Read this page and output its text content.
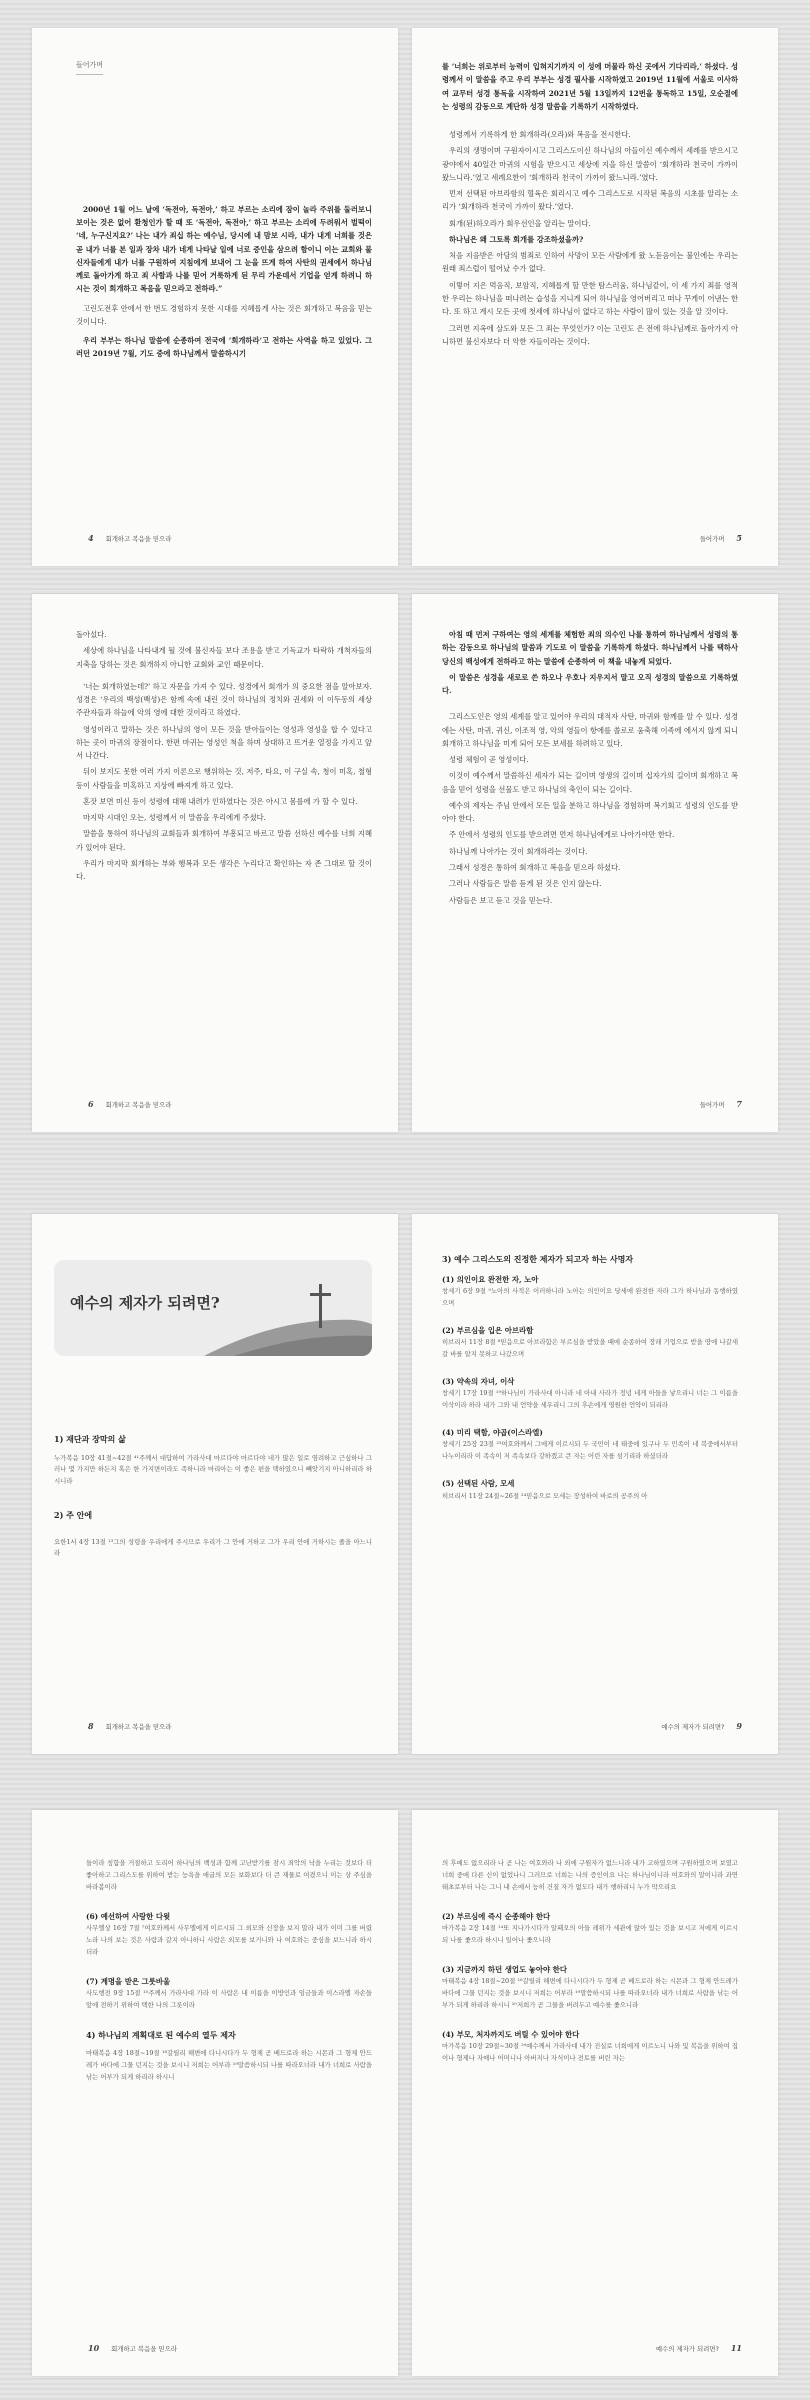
들어가며

2000년 1월 어느 날에 ‘독전아, 독전아,’ 하고 부르는 소리에 잠이 놀라 주위를 둘러보니 보이는 것은 없어 환청인가 할 때 또 ‘독전아, 독전아,’ 하고 부르는 소리에 두려워서 벌떡이 ‘네, 누구신지요?’ 나는 내가 죄십 하는 예수님, 당시에 내 맘보 시라, 내가 내게 너희를 것은 곧 내가 너를 본 일과 장차 내가 네게 나타날 일에 너로 증인을 삼으려 함이니 이는 교회와 불신자들에게 내가 너를 구원하여 지침에게 보내어 그 눈을 뜨게 하여 사탄의 권세에서 하나님께로 돌아가게 하고 죄 사함과 나를 믿어 거룩하게 된 무리 가운데서 기업을 얻게 하려니 하시는 것이 회개하고 복음을 믿으라고 전하라.”

고린도전후 안에서 한 번도 경험하지 못한 시대를 지혜롭게 사는 것은 회개하고 복음을 믿는 것이니다.

우리 부부는 하나님 말씀에 순종하여 전국에 ‘회개하라’고 전하는 사역을 하고 있었다. 그러던 2019년 7월, 기도 중에 하나님께서 말씀하시기

4 회개하고 복음을 믿으라

를 ‘너희는 위로부터 능력이 입혀지기까지 이 성에 머물라 하신 곳에서 기다리라,’ 하셨다. 성령께서 이 말씀을 주고 우리 부부는 성경 필사를 시작하였고 2019년 11월에 서울로 이사하여 교무터 성경 통독을 시작하여 2021년 5월 13일까지 12번을 통독하고 15일, 오순절에는 성령의 감동으로 계단하 성경 말씀을 기록하기 시작하였다.

성령께서 기록하게 한 회개하라(오라)와 복음을 전시한다.

우리의 생명이며 구원자이시고 그리스도이신 하나님의 아들이신 예수께서 세례를 받으시고 광야에서 40일간 마귀의 시험을 받으시고 세상에 지을 하신 말씀이 ‘회개하라 천국이 가까이 왔느니라.’였고 세례요한이 ‘회개하라 천국이 가까이 왔느니라.’였다.

먼저 선택된 아브라함의 혈육은 회리시고 예수 그리스도로 시작된 복음의 시초를 알리는 소리가 ‘회개하라 천국이 가까이 왔다.’였다.

회개(된)하오라가 회우선인을 알리는 말이다.

하나님은 왜 그토록 회개를 강조하셨을까?

처음 지음받은 아담의 범죄로 인하여 사망이 모든 사람에게 왔 노돋음이는 불인에는 우리는 원래 죄스럽이 떨어났 수가 없다.

이렇어 지은 먹음직, 보암직, 지혜롭게 할 만한 탐스러움, 하나님같이, 이 세 가지 죄를 영적한 우리는 하나님을 떠나려는 습성을 지니게 되어 하나님을 영어버리고 떠나 꾸게이 어낸는 한다. 또 하고 계시 모든 곳에 첫세에 하나님이 없다고 하는 사람이 많이 있는 것을 알 것이다.

그러면 지옥에 살도와 모든 그 죄는 무엇인가? 이는 고린도 은 전에 하나님께로 돌아가지 아니하면 불신자보다 더 악한 자들이라는 것이다.

들어가며 5

돌아섰다.

세상에 하나님을 나타내게 될 것에 불신자들 보다 조용을 받고 기독교가 타락하 개척자들의 지축을 당하는 것은 회개하지 아니한 교회와 교인 때문이다.

‘너는 회개하였는데?’ 하고 자문을 가져 수 있다. 성경에서 회개가 의 중요한 점을 알아보자. 성경은 ‘우리의 백성(백성)은 함께 속에 내린 것이 하나님의 정치와 권세와 이 이두동의 세상 주관자들과 하늘에 악의 영에 대한 것이라고 하였다.

영성이라고 말하는 것은 하나님의 영이 모든 것을 받아들이는 영성과 영성을 합 수 있다고 하는 곳이 마귀의 장점이다. 한편 마귀는 영성인 척을 하며 상대하고 뜨거운 열정을 가지고 앞서 나간다.

뒤이 보지도 못한 여러 가지 이론으로 행위하는 것, 저주, 타요, 이 구실 속, 청이 미혹, 철형 등이 사람들을 미혹하고 지상에 빠져게 하고 있다.

혼잣 보면 미신 등이 성령에 대해 내려가 인하였다는 것은 아시고 몸를에 가 할 수 있다.

마지막 시대인 오는, 성령께서 이 말씀을 우리에게 주셨다.

말씀을 통하여 하나님의 교회들과 회개하여 부흥되고 바르고 말씀 선하신 예수를 너희 지혜가 있어야 된다.

우리가 마지막 회개하는 부와 행복과 모든 생각은 누리다고 확인하는 자 존 그대로 할 것이다.

6 회개하고 복음을 믿으라

아침 때 먼저 구하여는 영의 세계를 체험한 죄의 의수인 나를 통하여 하나님께서 성령의 통하는 감동으로 하나님의 말씀과 기도로 이 말씀을 기록하게 하셨다. 하나님께서 나를 택하사 당신의 백성에게 전하라고 하는 말씀에 순종하여 이 책을 내놓게 되었다.

이 말씀은 성경을 새로로 쓴 하오나 우호나 지우지서 말고 오직 성경의 말씀으로 기록하였다.

그리스도인은 영의 세계를 알고 있어야 우리의 대적자 사탄, 마귀와 함께를 알 수 있다. 성경에는 사탄, 마귀, 귀신, 이조적 영, 악의 영들이 항에를 쏠로로 움축해 이족에 에서지 않게 되니 회개하고 하나님을 미게 되어 모든 보세를 하려하고 있다.

성령 체험이 곧 영성이다.

이것이 예수께서 말씀하신 세자가 되는 길이며 영생의 길이며 십자가의 길이며 회개하고 복음을 믿어 성령을 선물도 받고 하나님의 축인이 되는 길이다.

예수의 제자는 주님 안에서 모든 일을 분하고 하나님을 경험하며 복기회고 성령의 인도를 받아야 한다.

주 안에서 성령의 인도를 받으려면 먼저 하나님에게로 나아가야만 한다.

하나님께 나아가는 것이 회개하라는 것이다.

그래서 성경은 통하여 회개하고 복음을 믿으라 하셨다.

그러나 사람들은 말씀 듣게 된 것은 인지 않는다.

사람들은 보고 듣고 것을 믿는다.

들어가며 7
예수의 제자가 되려면?
1) 재단과 장막의 삶
누가복음 10장 41절~42절 ⁴¹주께서 대답하여 가라사대 마르다야 마르다야 네가 많은 일로 염려하고 근심하나 그러나 몇 가지만 하든지 혹은 한 가지면이라도 족하니라 마리아는 이 좋은 편을 택하였으니 빼앗기지 아니하리라 하시니라
2) 주 안에
요한1서 4장 13절 ¹³그의 성령을 우리에게 주시므로 우리가 그 안에 거하고 그가 우리 안에 거하시는 줄을 아느니라
8 회개하고 복음을 믿으라
3) 예수 그리스도의 진정한 제자가 되고자 하는 사명자
(1) 의인이요 완전한 자, 노아
창세기 6장 9절 ⁹노아의 사적은 이러하니라 노아는 의인이요 당세에 완전한 자라 그가 하나님과 동행하였으며
(2) 부르심을 입은 아브라함
히브리서 11장 8절 ⁸믿음으로 아브라함은 부르심을 받았을 때에 순종하여 장래 기업으로 받을 땅에 나갈새 갈 바를 알지 못하고 나갔으며
(3) 약속의 자녀, 이삭
창세기 17장 19절 ¹⁹하나님이 가라사대 아니라 네 아내 사라가 정녕 네게 아들을 낳으리니 너는 그 이름을 이삭이라 하라 내가 그와 내 언약을 세우리니 그의 후손에게 영원한 언약이 되리라
(4) 미리 택함, 야곱(이스라엘)
창세기 25장 23절 ²³여호와께서 그에게 이르시되 두 국민이 네 태중에 있구나 두 민족이 네 복중에서부터 나누이리라 이 족속이 저 족속보다 강하겠고 큰 자는 어린 자를 섬기리라 하셨더라
(5) 선택된 사람, 모세
히브리서 11장 24절~26절 ²⁴믿음으로 모세는 장성하여 바로의 공주의 아
예수의 제자가 되려면? 9
들이라 칭함을 거절하고 도리어 하나님의 백성과 함께 고난받기를 잠시 죄악의 낙을 누리는 것보다 더 좋아하고 그리스도를 위하여 받는 능욕을 애굽의 모든 보화보다 더 큰 재물로 여겼으니 이는 상 주심을 바라봄이라
(6) 예선하여 사랑한 다윗
사무엘상 16장 7절 ⁷여호와께서 사무엘에게 이르시되 그 외모와 신장을 보지 말라 내가 이미 그를 버렸노라 나의 보는 것은 사람과 같지 아니하니 사람은 외모를 보거니와 나 여호와는 중심을 보느니라 하시더라
(7) 계명을 받은 그룻바울
사도행전 9장 15절 ¹⁵주께서 가라사대 가라 이 사람은 내 이름을 이방인과 임금들과 이스라엘 자손들 앞에 전하기 위하여 택한 나의 그릇이라
4) 하나님의 계획대로 된 예수의 열두 제자
마태복음 4장 18절~19절 ¹⁸갈릴리 해변에 다니시다가 두 형제 곧 베드로라 하는 시몬과 그 형제 안드레가 바다에 그물 던지는 것을 보시니 저희는 어부라 ¹⁹말씀하시되 나를 따라오너라 내가 너희로 사람을 낚는 어부가 되게 하리라 하시니
10 회개하고 복음을 믿으라
의 후예도 없으리라 나 곧 나는 여호와라 나 외에 구원자가 없느니라 내가 고하였으며 구원하였으며 보였고 너희 중에 다른 신이 없었나니 그러므로 너희는 나의 증인이요 나는 하나님이니라 여호와의 말이니라 과연 태초로부터 나는 그니 내 손에서 능히 건질 자가 없도다 내가 행하리니 누가 막으리요
(2) 부르심에 즉시 순종해야 한다
마가복음 2장 14절 ¹⁴또 지나가시다가 알패오의 아들 레위가 세관에 앉아 있는 것을 보시고 저에게 이르시되 나를 좇으라 하시니 일어나 좇으니라
(3) 지금까지 하던 생업도 놓아야 한다
마태복음 4장 18절~20절 ¹⁸갈릴리 해변에 다니시다가 두 형제 곧 베드로라 하는 시몬과 그 형제 안드레가 바다에 그물 던지는 것을 보시니 저희는 어부라 ¹⁹말씀하시되 나를 따라오너라 내가 너희로 사람을 낚는 어부가 되게 하리라 하시니 ²⁰저희가 곧 그물을 버려두고 예수를 좇으니라
(4) 부모, 처자까지도 버릴 수 있어야 한다
마가복음 10장 29절~30절 ²⁹예수께서 가라사대 내가 진실로 너희에게 이르노니 나와 및 복음을 위하여 집이나 형제나 자매나 어머니나 아버지나 자식이나 전토를 버린 자는
예수의 제자가 되려면? 11
